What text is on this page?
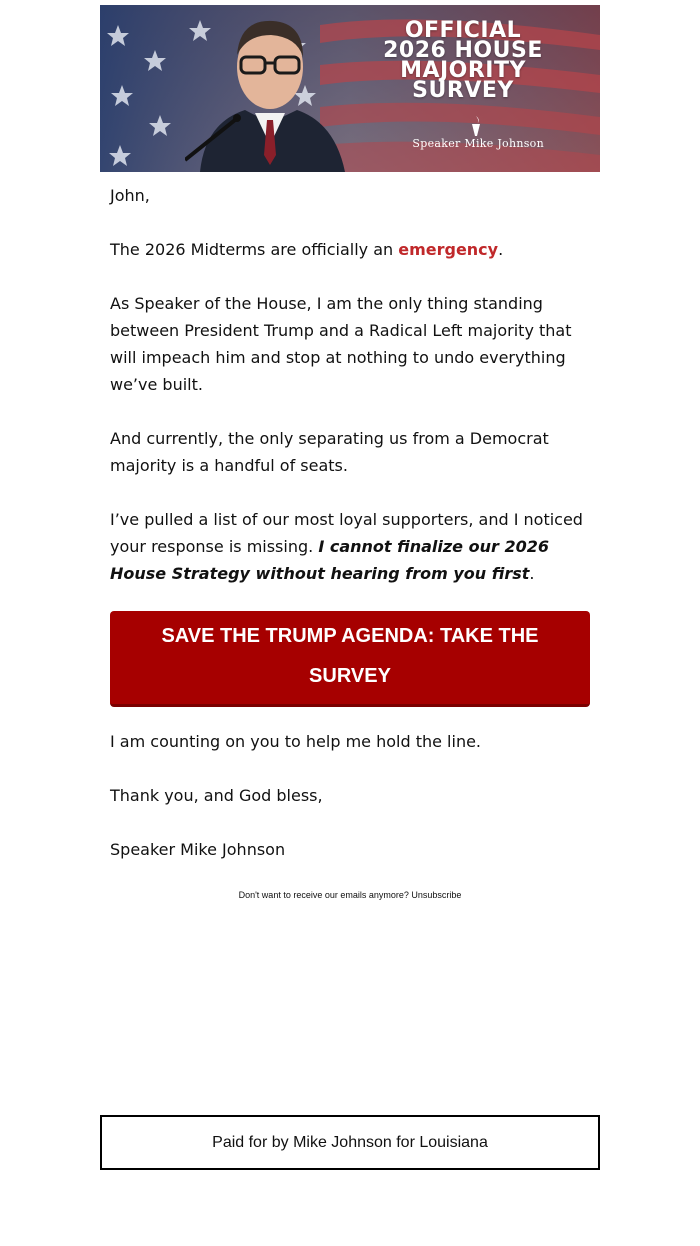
OFFICIAL
2026 HOUSE
MAJORITY
SURVEY
Speaker Mike Johnson

John,

The 2026 Midterms are officially an emergency.

As Speaker of the House, I am the only thing standing between President Trump and a Radical Left majority that will impeach him and stop at nothing to undo everything we’ve built.

And currently, the only separating us from a Democrat majority is a handful of seats.

I’ve pulled a list of our most loyal supporters, and I noticed your response is missing. I cannot finalize our 2026 House Strategy without hearing from you first.

SAVE THE TRUMP AGENDA: TAKE THE SURVEY

I am counting on you to help me hold the line.

Thank you, and God bless,

Speaker Mike Johnson

Don't want to receive our emails anymore? Unsubscribe
Paid for by Mike Johnson for Louisiana
